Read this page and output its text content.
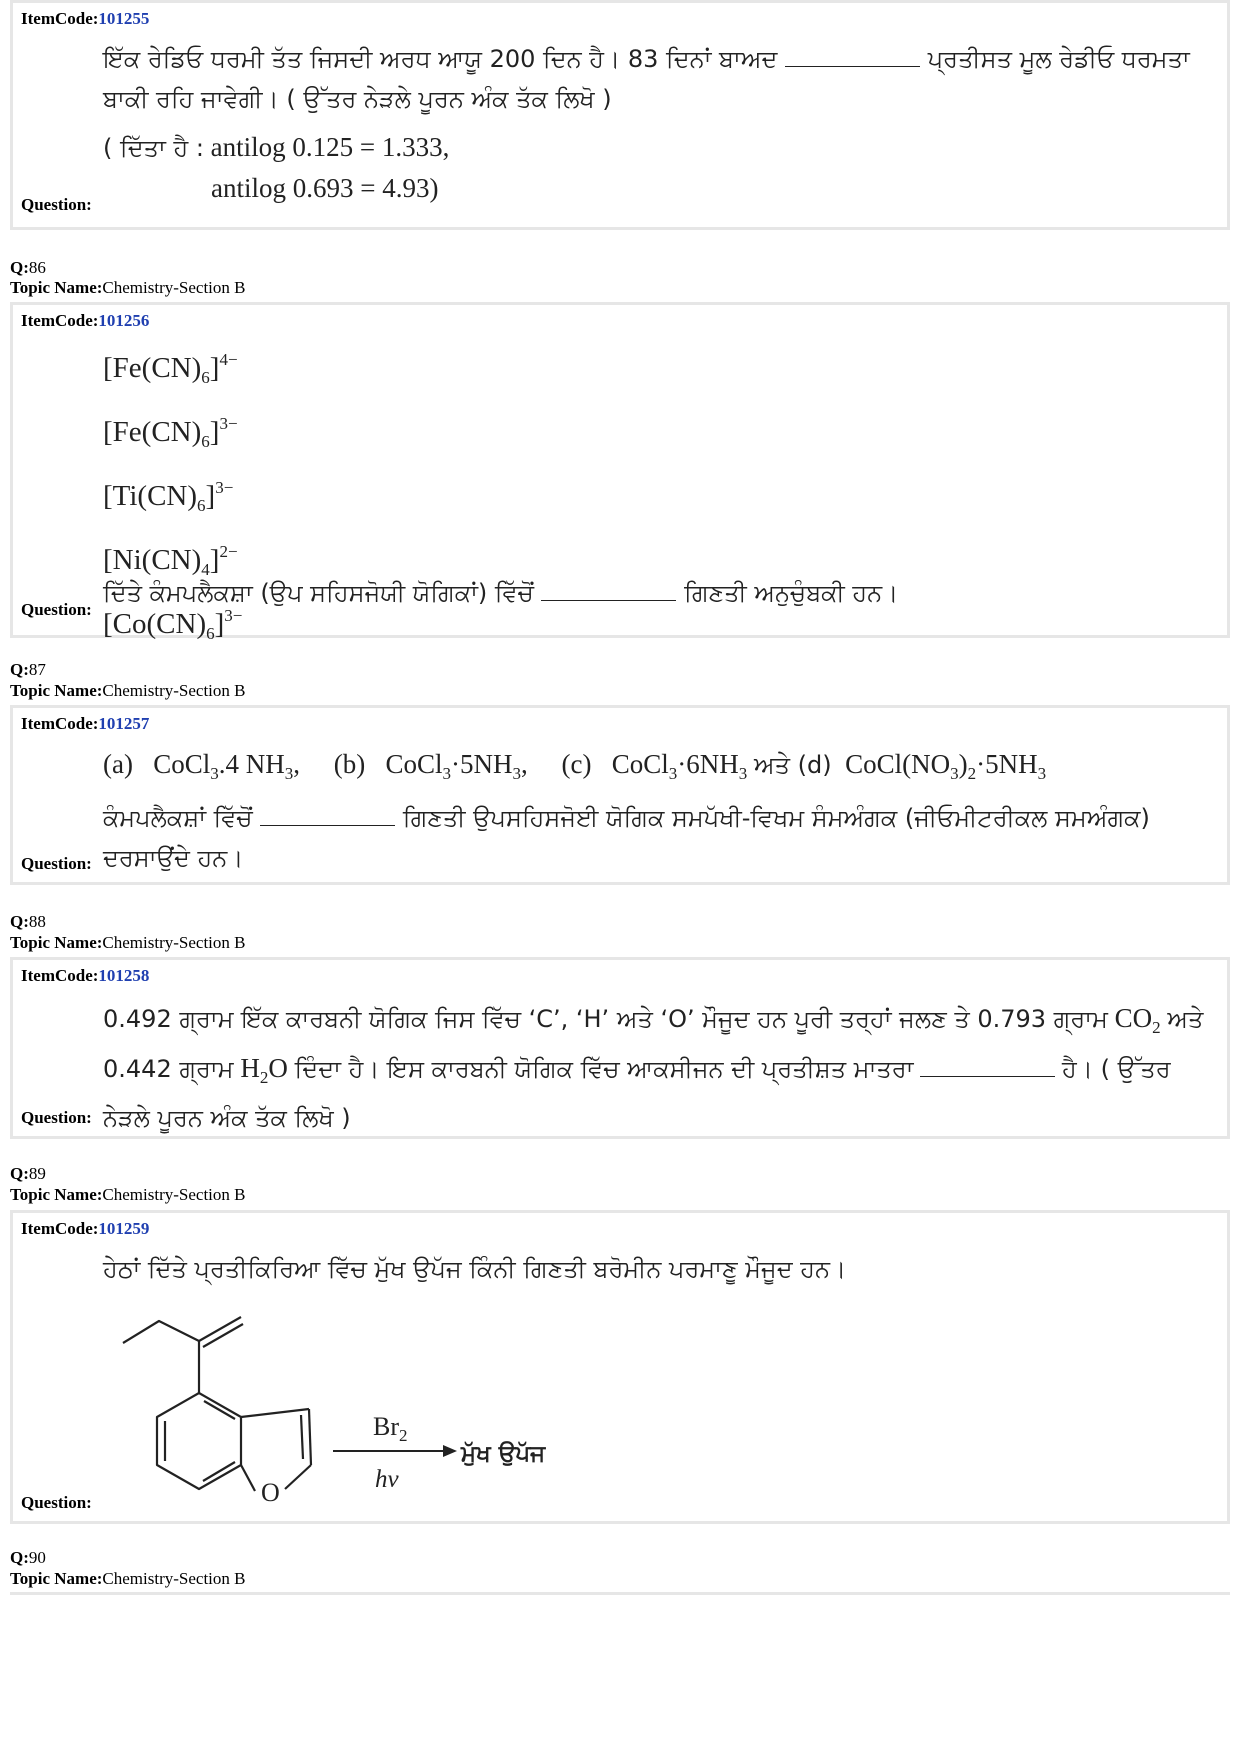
ItemCode:101255
ਇੱਕ ਰੇਡਿਓ ਧਰਮੀ ਤੱਤ ਜਿਸਦੀ ਅਰਧ ਆਯੂ 200 ਦਿਨ ਹੈ। 83 ਦਿਨਾਂ ਬਾਅਦ	ਪ੍ਰਤੀਸਤ ਮੂਲ ਰੇਡੀਓ ਧਰਮਤਾ
ਬਾਕੀ ਰਹਿ ਜਾਵੇਗੀ। ( ਉੱਤਰ ਨੇੜਲੇ ਪੂਰਨ ਅੰਕ ਤੱਕ ਲਿਖੋ )
( ਦਿੱਤਾ ਹੈ : antilog 0.125 = 1.333,
antilog 0.693 = 4.93)
Question:
Q:86
Topic Name:Chemistry-Section B
ItemCode:101256
$[Fe(CN)_6]^{4-}$
$[Fe(CN)_6]^{3-}$
$[Ti(CN)_6]^{3-}$
$[Ni(CN)_4]^{2-}$
$[Co(CN)_6]^{3-}$
ਦਿੱਤੇ ਕੰਮਪਲੈਕਸ਼ਾ (ਉਪ ਸਹਿਸਜੋਯੀ ਯੋਗਿਕਾਂ) ਵਿੱਚੋਂ	ਗਿਣਤੀ ਅਨੁਚੁੰਬਕੀ ਹਨ।
Question:
Q:87
Topic Name:Chemistry-Section B
ItemCode:101257
(a)   CoCl$_3$.4 $NH_3$,     (b)   $CoCl_3\cdot 5NH_3$,     (c)   $CoCl_3\cdot 6NH_3$ ਅਤੇ (d)  $CoCl(NO_3)_2\cdot 5NH_3$
ਕੰਮਪਲੈਕਸ਼ਾਂ ਵਿੱਚੋਂ	ਗਿਣਤੀ ਉਪਸਹਿਸਜੋਈ ਯੋਗਿਕ ਸਮਪੱਖੀ-ਵਿਖਮ ਸੰਮਅੰਗਕ (ਜੀਓਮੀਟਰੀਕਲ ਸਮਅੰਗਕ)
ਦਰਸਾਉਂਦੇ ਹਨ।
Question:
Q:88
Topic Name:Chemistry-Section B
ItemCode:101258
0.492 ਗ੍ਰਾਮ ਇੱਕ ਕਾਰਬਨੀ ਯੋਗਿਕ ਜਿਸ ਵਿੱਚ ‘C’, ‘H’ ਅਤੇ ‘O’ ਮੌਜੂਦ ਹਨ ਪੂਰੀ ਤਰ੍ਹਾਂ ਜਲਣ ਤੇ 0.793 ਗ੍ਰਾਮ $CO_2$ ਅਤੇ
0.442 ਗ੍ਰਾਮ $H_2O$ ਦਿੰਦਾ ਹੈ। ਇਸ ਕਾਰਬਨੀ ਯੋਗਿਕ ਵਿੱਚ ਆਕਸੀਜਨ ਦੀ ਪ੍ਰਤੀਸ਼ਤ ਮਾਤਰਾ	ਹੈ। ( ਉੱਤਰ
ਨੇੜਲੇ ਪੂਰਨ ਅੰਕ ਤੱਕ ਲਿਖੋ )
Question:
Q:89
Topic Name:Chemistry-Section B
ItemCode:101259
ਹੇਠਾਂ ਦਿੱਤੇ ਪ੍ਰਤੀਕਿਰਿਆ ਵਿੱਚ ਮੁੱਖ ਉਪੱਜ ਕਿੰਨੀ ਗਿਣਤੀ ਬਰੋਮੀਨ ਪਰਮਾਣੂ ਮੌਜੂਦ ਹਨ।
O
$Br_2$
hν
ਮੁੱਖ ਉਪੱਜ
Question:
Q:90
Topic Name:Chemistry-Section B
